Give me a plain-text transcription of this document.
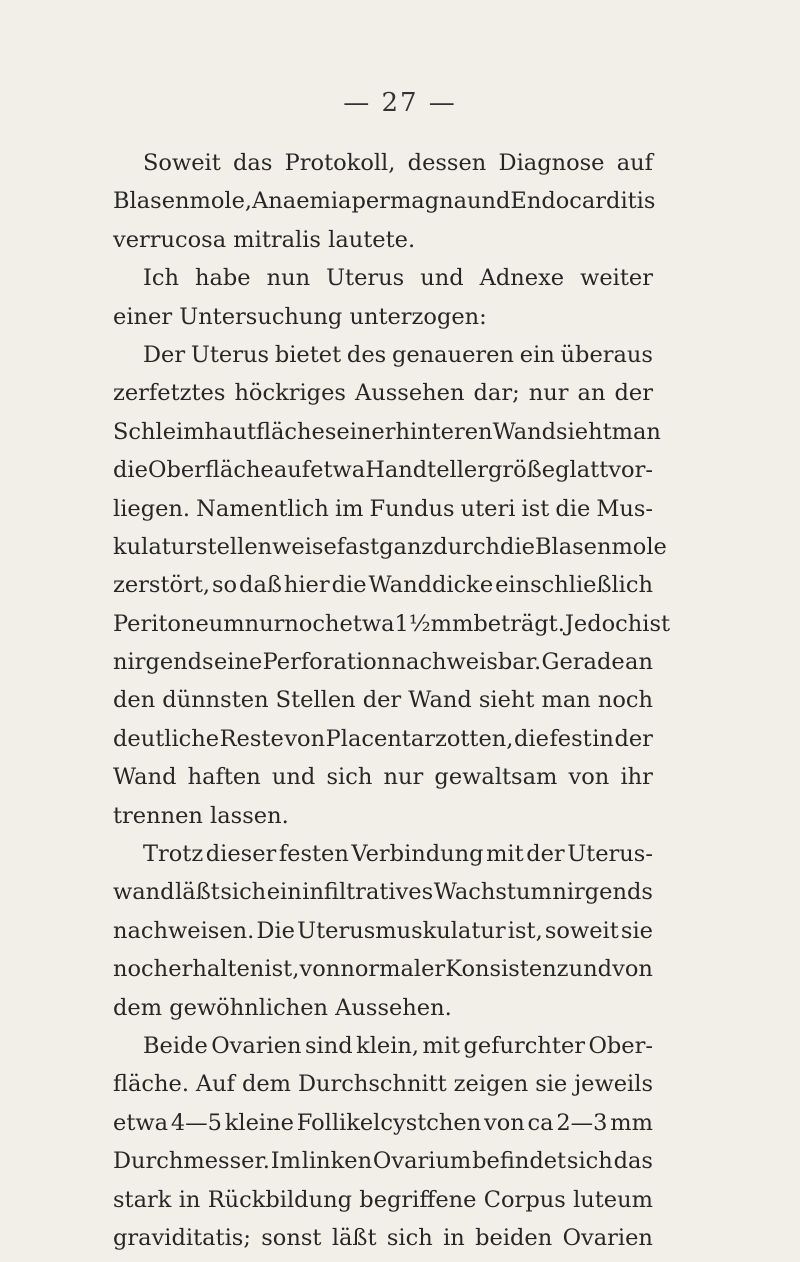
— 27 —
Soweit das Protokoll, dessen Diagnose auf
Blasenmole, Anaemia permagna und Endocarditis
verrucosa mitralis lautete.
Ich habe nun Uterus und Adnexe weiter
einer Untersuchung unterzogen:
Der Uterus bietet des genaueren ein überaus
zerfetztes höckriges Aussehen dar; nur an der
Schleimhautfläche seiner hinteren Wand sieht man
die Oberfläche auf etwa Handtellergröße glatt vor-
liegen. Namentlich im Fundus uteri ist die Mus-
kulatur stellenweise fast ganz durch die Blasenmole
zerstört, so daß hier die Wanddicke einschließlich
Peritoneum nur noch etwa 1½ mm beträgt. Jedoch ist
nirgends eine Perforation nachweisbar. Gerade an
den dünnsten Stellen der Wand sieht man noch
deutliche Reste von Placentarzotten, die fest in der
Wand haften und sich nur gewaltsam von ihr
trennen lassen.
Trotz dieser festen Verbindung mit der Uterus-
wand läßt sich ein infiltratives Wachstum nirgends
nachweisen. Die Uterusmuskulatur ist, soweit sie
noch erhalten ist, von normaler Konsistenz und von
dem gewöhnlichen Aussehen.
Beide Ovarien sind klein, mit gefurchter Ober-
fläche. Auf dem Durchschnitt zeigen sie jeweils
etwa 4—5 kleine Follikelcystchen von ca 2—3 mm
Durchmesser. Im linken Ovarium befindet sich das
stark in Rückbildung begriffene Corpus luteum
graviditatis; sonst läßt sich in beiden Ovarien
